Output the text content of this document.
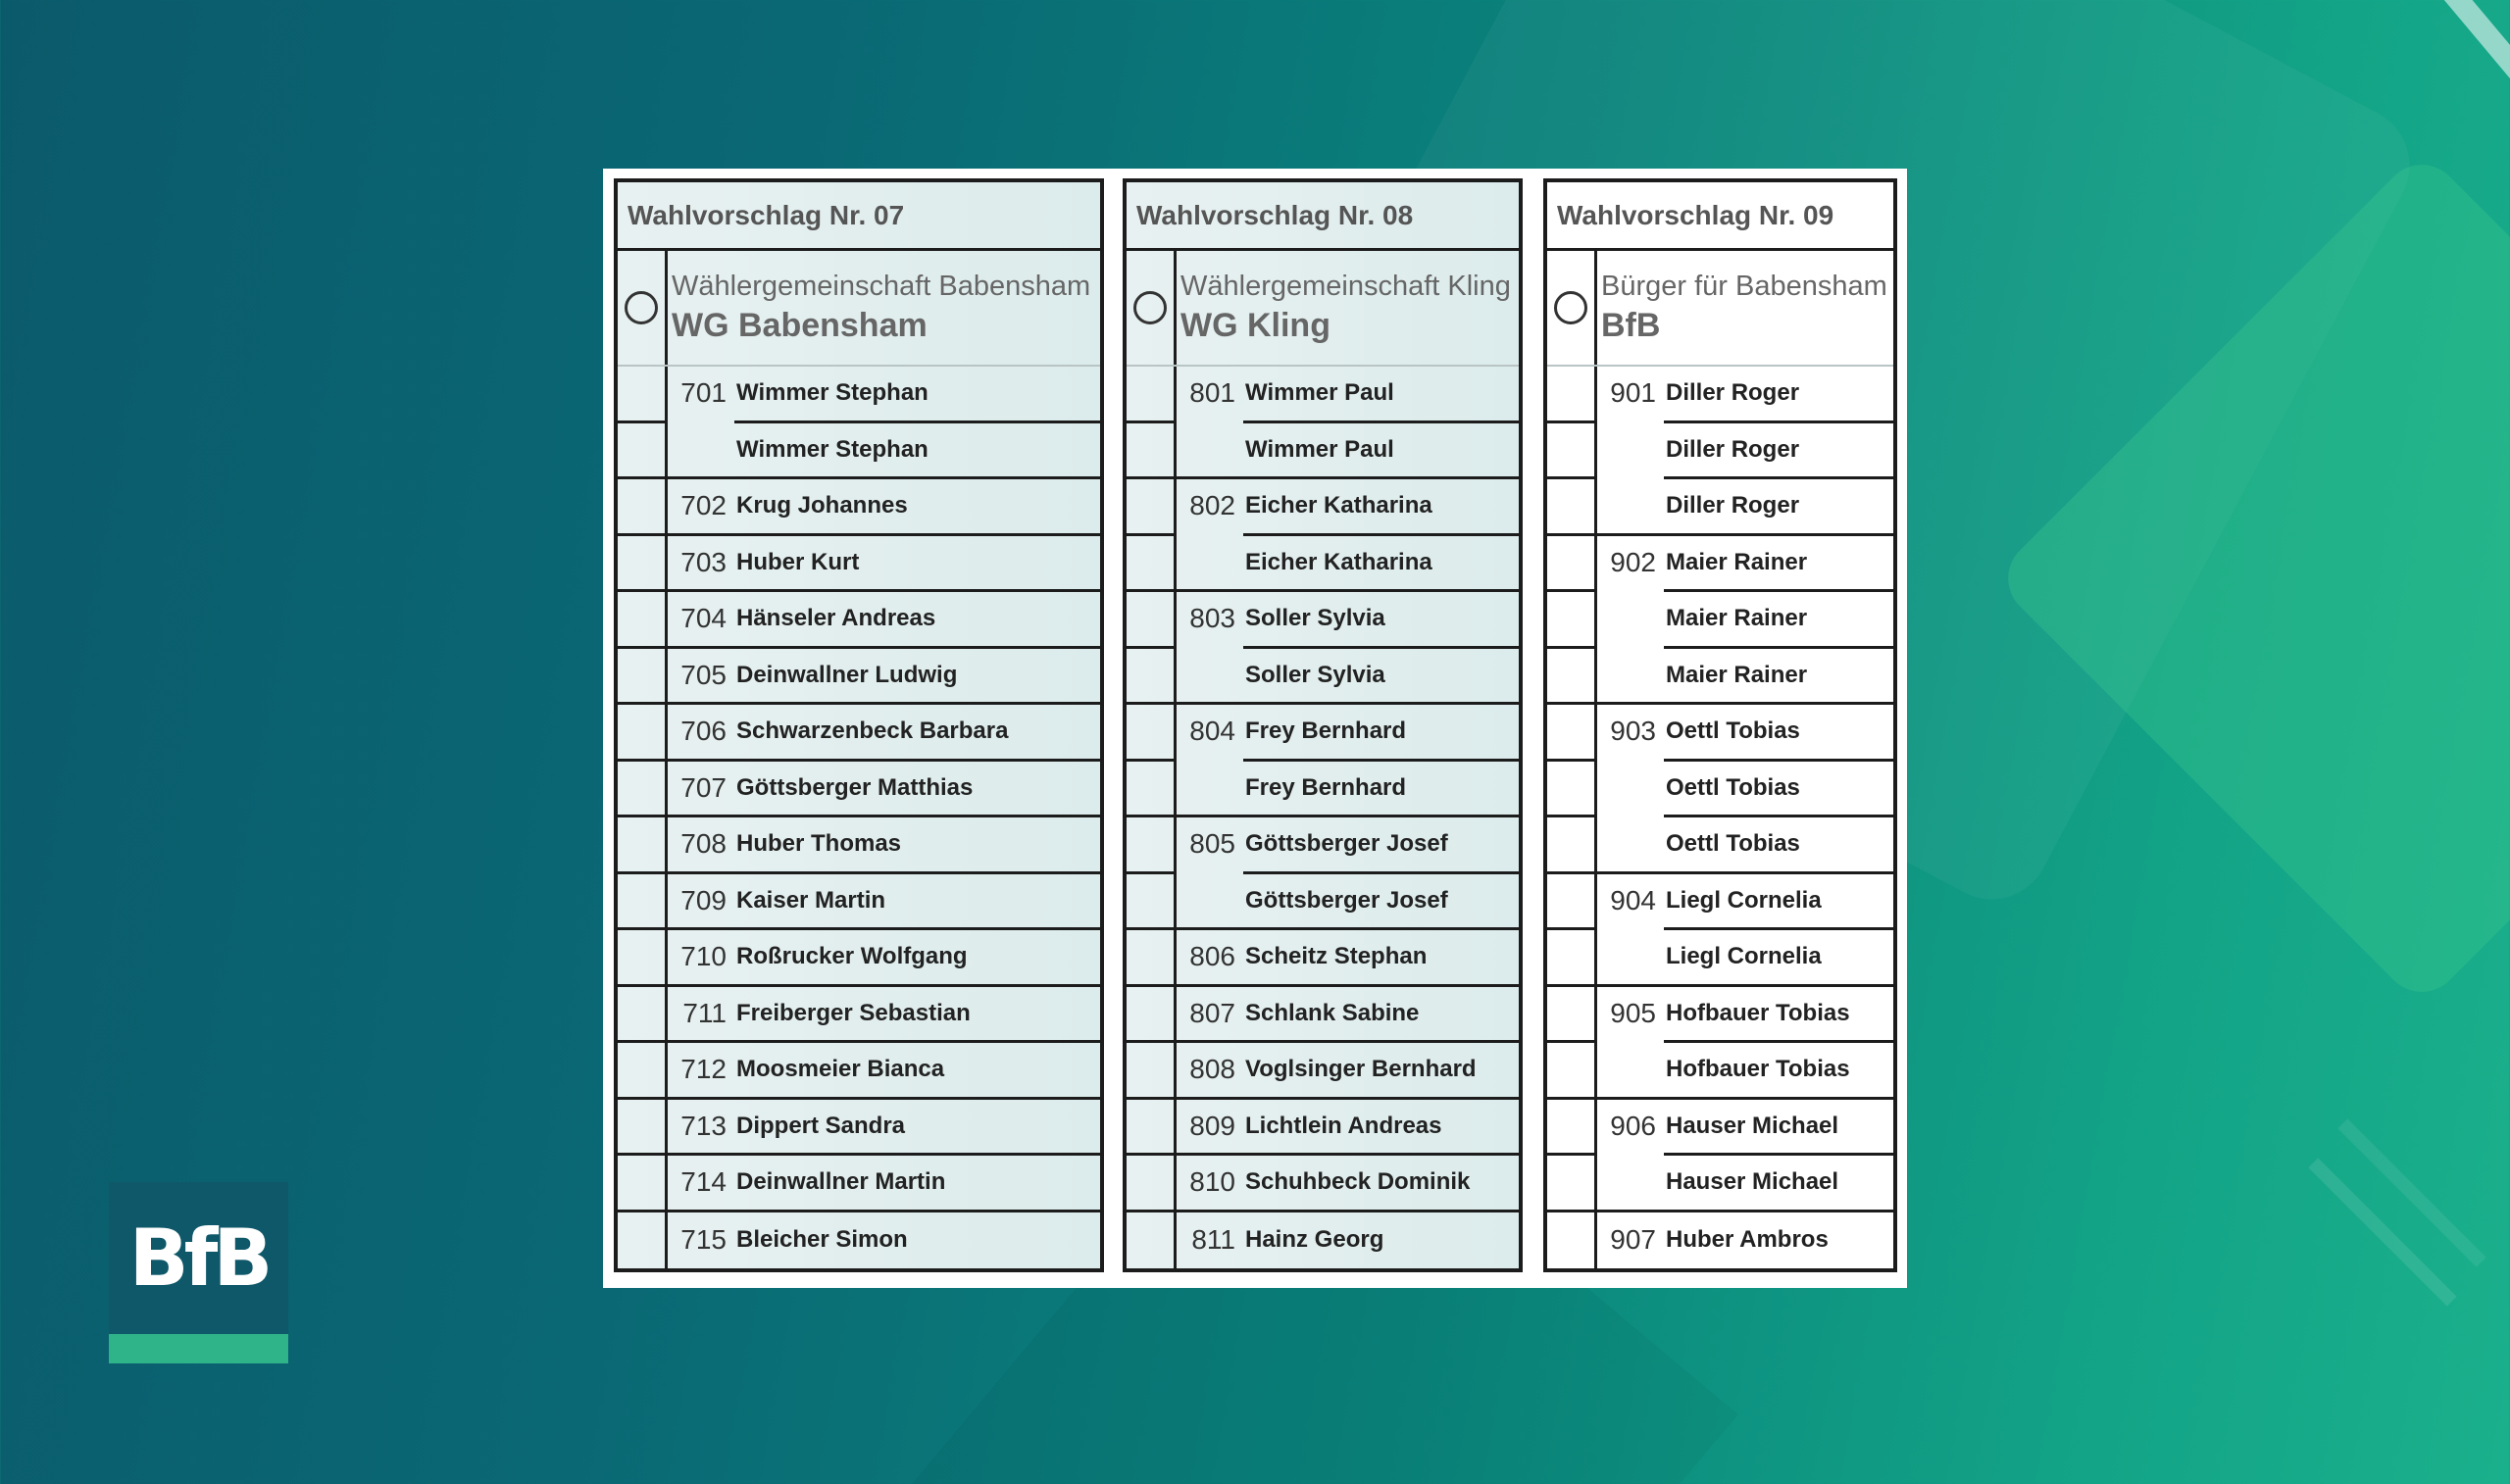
Wahlvorschlag Nr. 07
Wählergemeinschaft Babensham
WG Babensham
701 Wimmer Stephan
Wimmer Stephan
702 Krug Johannes
703 Huber Kurt
704 Hänseler Andreas
705 Deinwallner Ludwig
706 Schwarzenbeck Barbara
707 Göttsberger Matthias
708 Huber Thomas
709 Kaiser Martin
710 Roßrucker Wolfgang
711 Freiberger Sebastian
712 Moosmeier Bianca
713 Dippert Sandra
714 Deinwallner Martin
715 Bleicher Simon
Wahlvorschlag Nr. 08
Wählergemeinschaft Kling
WG Kling
801 Wimmer Paul
Wimmer Paul
802 Eicher Katharina
Eicher Katharina
803 Soller Sylvia
Soller Sylvia
804 Frey Bernhard
Frey Bernhard
805 Göttsberger Josef
Göttsberger Josef
806 Scheitz Stephan
807 Schlank Sabine
808 Voglsinger Bernhard
809 Lichtlein Andreas
810 Schuhbeck Dominik
811 Hainz Georg
Wahlvorschlag Nr. 09
Bürger für Babensham
BfB
901 Diller Roger
Diller Roger
Diller Roger
902 Maier Rainer
Maier Rainer
Maier Rainer
903 Oettl Tobias
Oettl Tobias
Oettl Tobias
904 Liegl Cornelia
Liegl Cornelia
905 Hofbauer Tobias
Hofbauer Tobias
906 Hauser Michael
Hauser Michael
907 Huber Ambros
BfB
